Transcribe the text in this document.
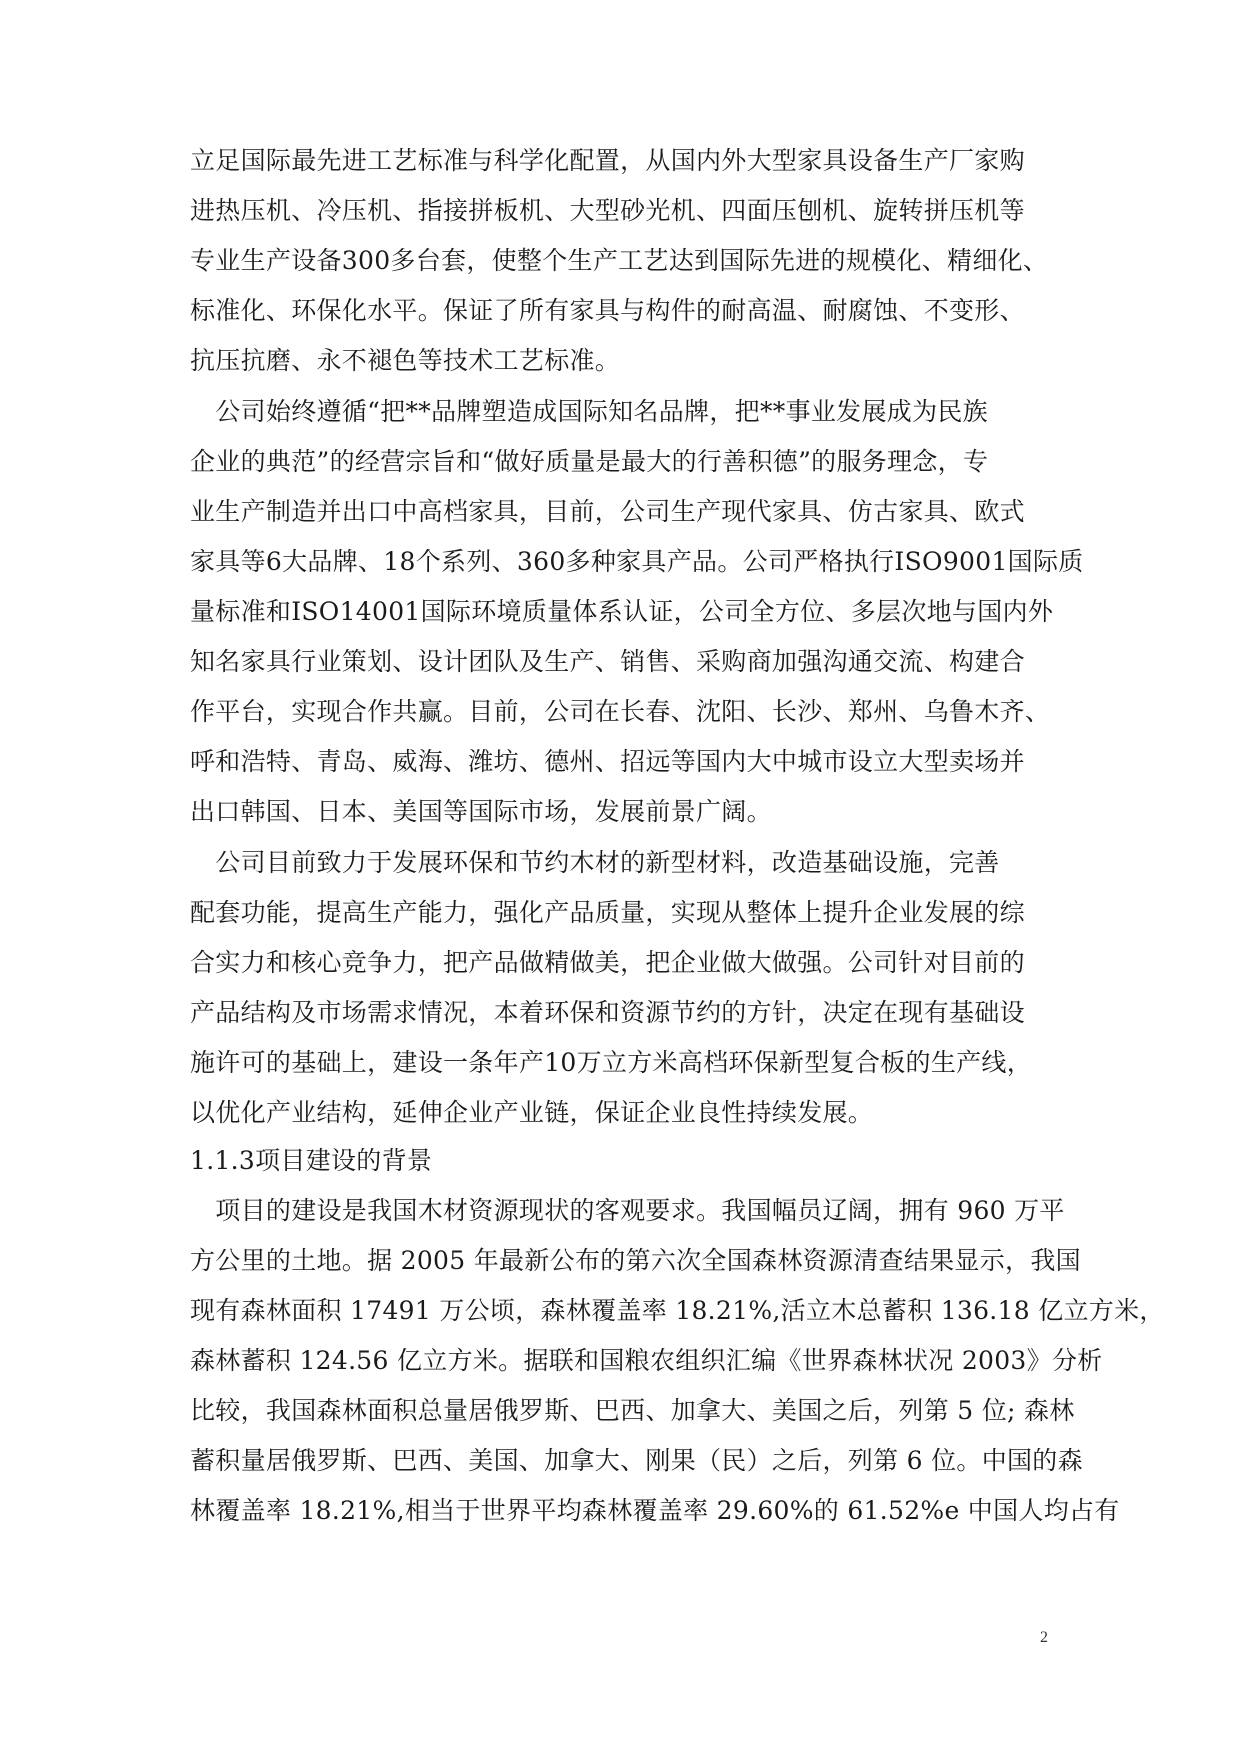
立足国际最先进工艺标准与科学化配置，从国内外大型家具设备生产厂家购
进热压机、冷压机、指接拼板机、大型砂光机、四面压刨机、旋转拼压机等
专业生产设备300多台套，使整个生产工艺达到国际先进的规模化、精细化、
标准化、环保化水平。保证了所有家具与构件的耐高温、耐腐蚀、不变形、
抗压抗磨、永不褪色等技术工艺标准。
　公司始终遵循“把**品牌塑造成国际知名品牌，把**事业发展成为民族
企业的典范”的经营宗旨和“做好质量是最大的行善积德”的服务理念，专
业生产制造并出口中高档家具，目前，公司生产现代家具、仿古家具、欧式
家具等6大品牌、18个系列、360多种家具产品。公司严格执行ISO9001国际质
量标准和ISO14001国际环境质量体系认证，公司全方位、多层次地与国内外
知名家具行业策划、设计团队及生产、销售、采购商加强沟通交流、构建合
作平台，实现合作共赢。目前，公司在长春、沈阳、长沙、郑州、乌鲁木齐、
呼和浩特、青岛、威海、潍坊、德州、招远等国内大中城市设立大型卖场并
出口韩国、日本、美国等国际市场，发展前景广阔。
　公司目前致力于发展环保和节约木材的新型材料，改造基础设施，完善
配套功能，提高生产能力，强化产品质量，实现从整体上提升企业发展的综
合实力和核心竞争力，把产品做精做美，把企业做大做强。公司针对目前的
产品结构及市场需求情况，本着环保和资源节约的方针，决定在现有基础设
施许可的基础上，建设一条年产10万立方米高档环保新型复合板的生产线，
以优化产业结构，延伸企业产业链，保证企业良性持续发展。
1.1.3项目建设的背景
　项目的建设是我国木材资源现状的客观要求。我国幅员辽阔，拥有 960 万平
方公里的土地。据 2005 年最新公布的第六次全国森林资源清查结果显示，我国
现有森林面积 17491 万公顷，森林覆盖率 18.21%,活立木总蓄积 136.18 亿立方米，
森林蓄积 124.56 亿立方米。据联和国粮农组织汇编《世界森林状况 2003》分析
比较，我国森林面积总量居俄罗斯、巴西、加拿大、美国之后，列第 5 位; 森林
蓄积量居俄罗斯、巴西、美国、加拿大、刚果（民）之后，列第 6 位。中国的森
林覆盖率 18.21%,相当于世界平均森林覆盖率 29.60%的 61.52%e 中国人均占有
2
